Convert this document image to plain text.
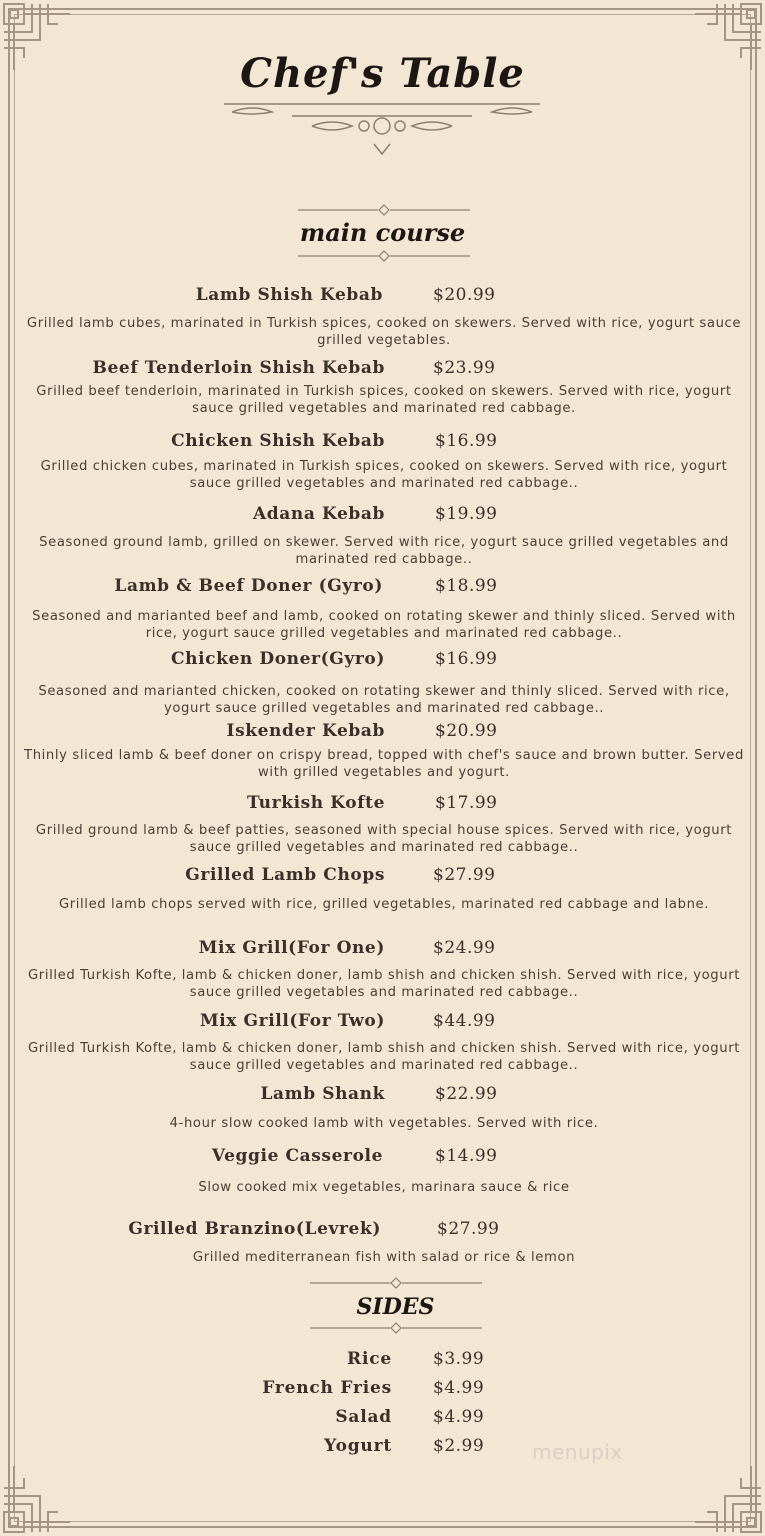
Chef's Table
main course
Lamb Shish Kebab	$20.99
Grilled lamb cubes, marinated in Turkish spices, cooked on skewers. Served with rice, yogurt sauce grilled vegetables.
Beef Tenderloin Shish Kebab	$23.99
Grilled beef tenderloin, marinated in Turkish spices, cooked on skewers. Served with rice, yogurt sauce grilled vegetables and marinated red cabbage.
Chicken Shish Kebab	$16.99
Grilled chicken cubes, marinated in Turkish spices, cooked on skewers. Served with rice, yogurt sauce grilled vegetables and marinated red cabbage..
Adana Kebab	$19.99
Seasoned ground lamb, grilled on skewer. Served with rice, yogurt sauce grilled vegetables and marinated red cabbage..
Lamb & Beef Doner (Gyro)	$18.99
Seasoned and marianted beef and lamb, cooked on rotating skewer and thinly sliced. Served with rice, yogurt sauce grilled vegetables and marinated red cabbage..
Chicken Doner(Gyro)	$16.99
Seasoned and marianted chicken, cooked on rotating skewer and thinly sliced. Served with rice, yogurt sauce grilled vegetables and marinated red cabbage..
Iskender Kebab	$20.99
Thinly sliced lamb & beef doner on crispy bread, topped with chef's sauce and brown butter. Served with grilled vegetables and yogurt.
Turkish Kofte	$17.99
Grilled ground lamb & beef patties, seasoned with special house spices. Served with rice, yogurt sauce grilled vegetables and marinated red cabbage..
Grilled Lamb Chops	$27.99
Grilled lamb chops served with rice, grilled vegetables, marinated red cabbage and labne.
Mix Grill(For One)	$24.99
Grilled Turkish Kofte, lamb & chicken doner, lamb shish and chicken shish. Served with rice, yogurt sauce grilled vegetables and marinated red cabbage..
Mix Grill(For Two)	$44.99
Grilled Turkish Kofte, lamb & chicken doner, lamb shish and chicken shish. Served with rice, yogurt sauce grilled vegetables and marinated red cabbage..
Lamb Shank	$22.99
4-hour slow cooked lamb with vegetables. Served with rice.
Veggie Casserole	$14.99
Slow cooked mix vegetables, marinara sauce & rice
Grilled Branzino(Levrek)	$27.99
Grilled mediterranean fish with salad or rice & lemon
SIDES
Rice $3.99
French Fries $4.99
Salad $4.99
Yogurt $2.99 menupix
